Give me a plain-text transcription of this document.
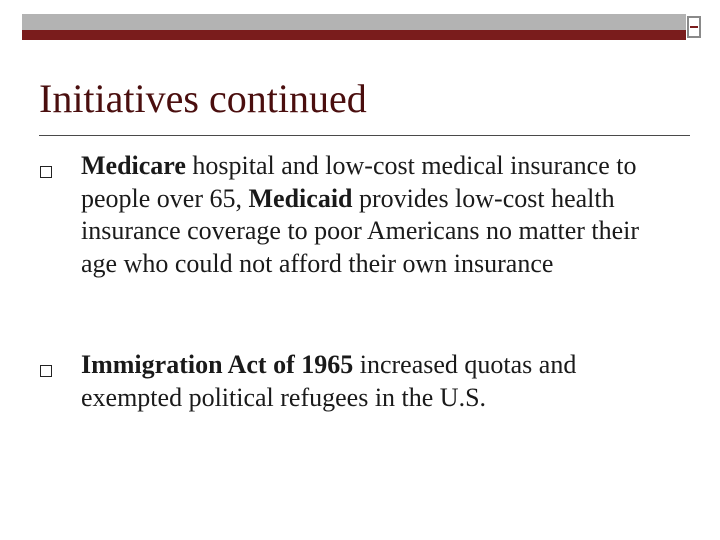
Initiatives continued
Medicare hospital and low-cost medical insurance to people over 65, Medicaid provides low-cost health insurance coverage to poor Americans no matter their age who could not afford their own insurance
Immigration Act of 1965 increased quotas and exempted political refugees in the U.S.
